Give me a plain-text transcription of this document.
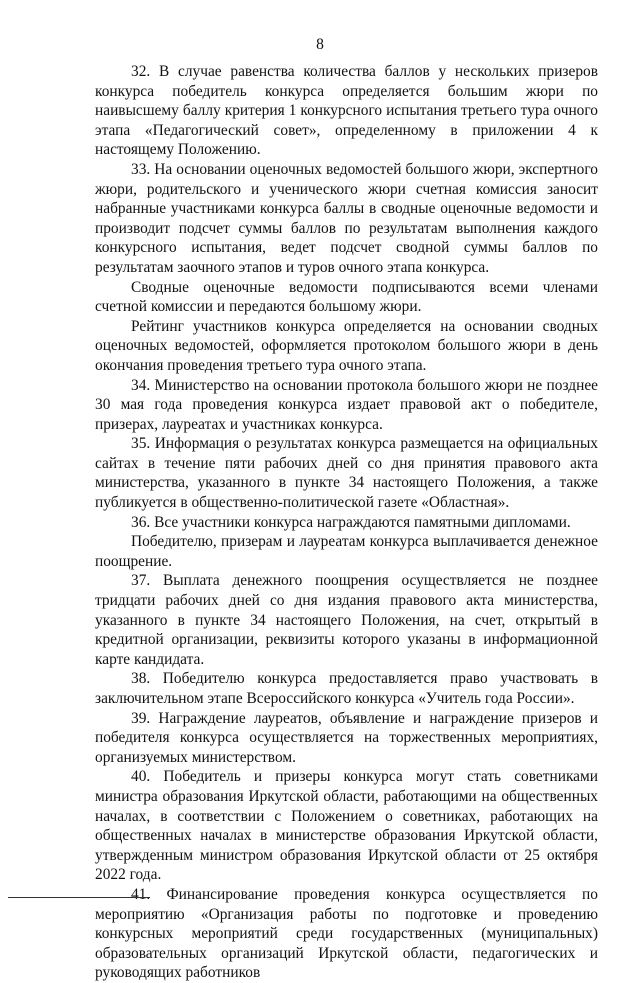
8

32. В случае равенства количества баллов у нескольких призеров конкурса победитель конкурса определяется большим жюри по наивысшему баллу критерия 1 конкурсного испытания третьего тура очного этапа «Педагогический совет», определенному в приложении 4 к настоящему Положению.

33. На основании оценочных ведомостей большого жюри, экспертного жюри, родительского и ученического жюри счетная комиссия заносит набранные участниками конкурса баллы в сводные оценочные ведомости и производит подсчет суммы баллов по результатам выполнения каждого конкурсного испытания, ведет подсчет сводной суммы баллов по результатам заочного этапов и туров очного этапа конкурса.

Сводные оценочные ведомости подписываются всеми членами счетной комиссии и передаются большому жюри.

Рейтинг участников конкурса определяется на основании сводных оценочных ведомостей, оформляется протоколом большого жюри в день окончания проведения третьего тура очного этапа.

34. Министерство на основании протокола большого жюри не позднее 30 мая года проведения конкурса издает правовой акт о победителе, призерах, лауреатах и участниках конкурса.

35. Информация о результатах конкурса размещается на официальных сайтах в течение пяти рабочих дней со дня принятия правового акта министерства, указанного в пункте 34 настоящего Положения, а также публикуется в общественно-политической газете «Областная».

36. Все участники конкурса награждаются памятными дипломами.

Победителю, призерам и лауреатам конкурса выплачивается денежное поощрение.

37. Выплата денежного поощрения осуществляется не позднее тридцати рабочих дней со дня издания правового акта министерства, указанного в пункте 34 настоящего Положения, на счет, открытый в кредитной организации, реквизиты которого указаны в информационной карте кандидата.

38. Победителю конкурса предоставляется право участвовать в заключительном этапе Всероссийского конкурса «Учитель года России».

39. Награждение лауреатов, объявление и награждение призеров и победителя конкурса осуществляется на торжественных мероприятиях, организуемых министерством.

40. Победитель и призеры конкурса могут стать советниками министра образования Иркутской области, работающими на общественных началах, в соответствии с Положением о советниках, работающих на общественных началах в министерстве образования Иркутской области, утвержденным министром образования Иркутской области от 25 октября 2022 года.

41. Финансирование проведения конкурса осуществляется по мероприятию «Организация работы по подготовке и проведению конкурсных мероприятий среди государственных (муниципальных) образовательных организаций Иркутской области, педагогических и руководящих работников
